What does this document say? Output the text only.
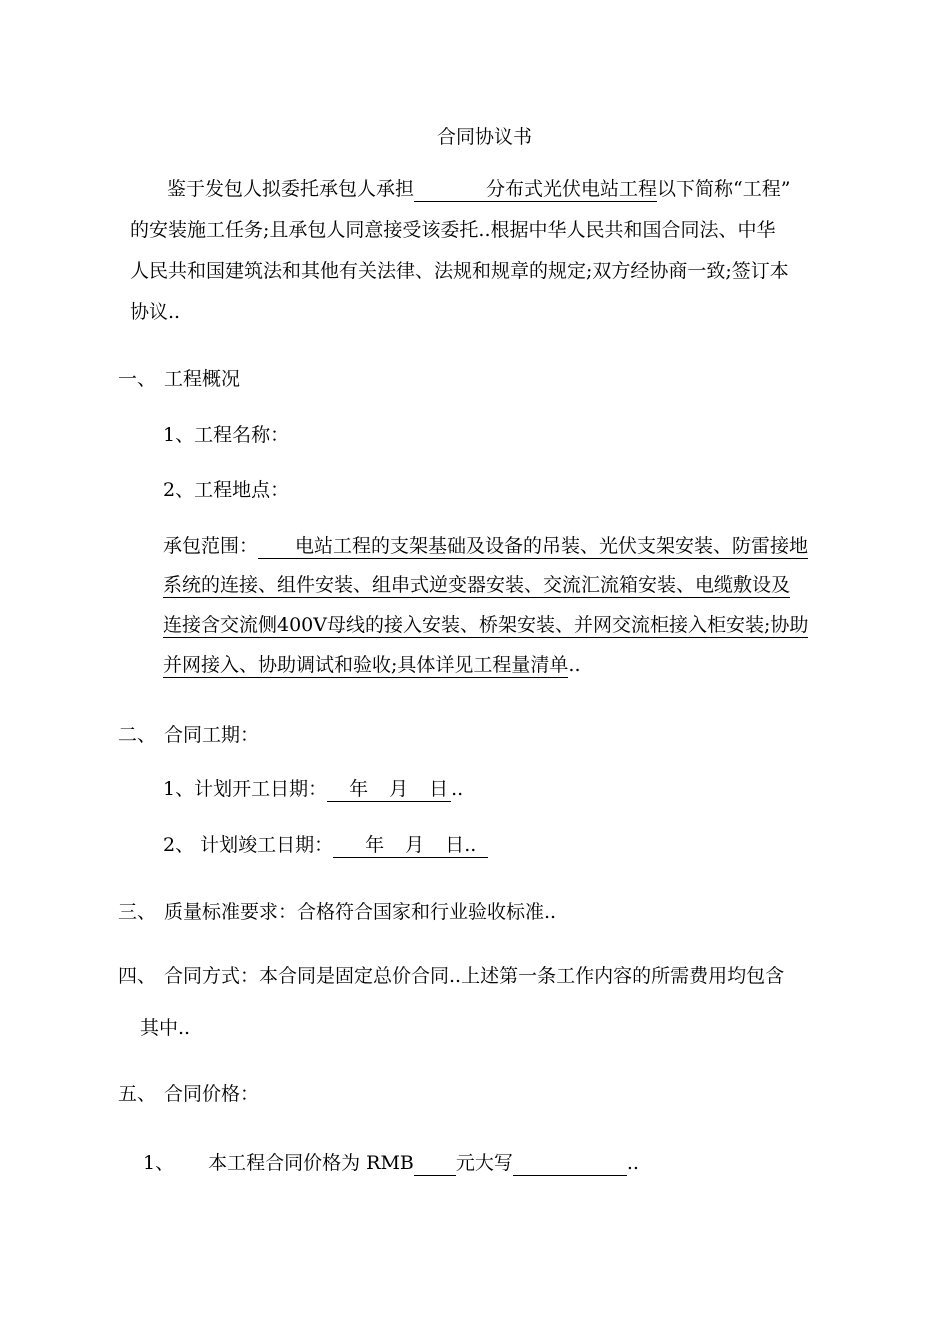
合同协议书
鉴于发包人拟委托承包人承担	分布式光伏电站工程以下简称“工程”
的安装施工任务;且承包人同意接受该委托..根据中华人民共和国合同法、中华
人民共和国建筑法和其他有关法律、法规和规章的规定;双方经协商一致;签订本
协议..
一、 工程概况
1、工程名称：
2、工程地点：
承包范围： 电站工程的支架基础及设备的吊装、光伏支架安装、防雷接地
系统的连接、组件安装、组串式逆变器安装、交流汇流箱安装、电缆敷设及
连接含交流侧400V母线的接入安装、桥架安装、并网交流柜接入柜安装;协助
并网接入、协助调试和验收;具体详见工程量清单..
二、 合同工期：
1、计划开工日期： 年 月 日 ..
2、 计划竣工日期： 年 月 日..
三、 质量标准要求：合格符合国家和行业验收标准..
四、 合同方式：本合同是固定总价合同..上述第一条工作内容的所需费用均包含
其中..
五、 合同价格：
1、 本工程合同价格为 RMB 元大写	..
